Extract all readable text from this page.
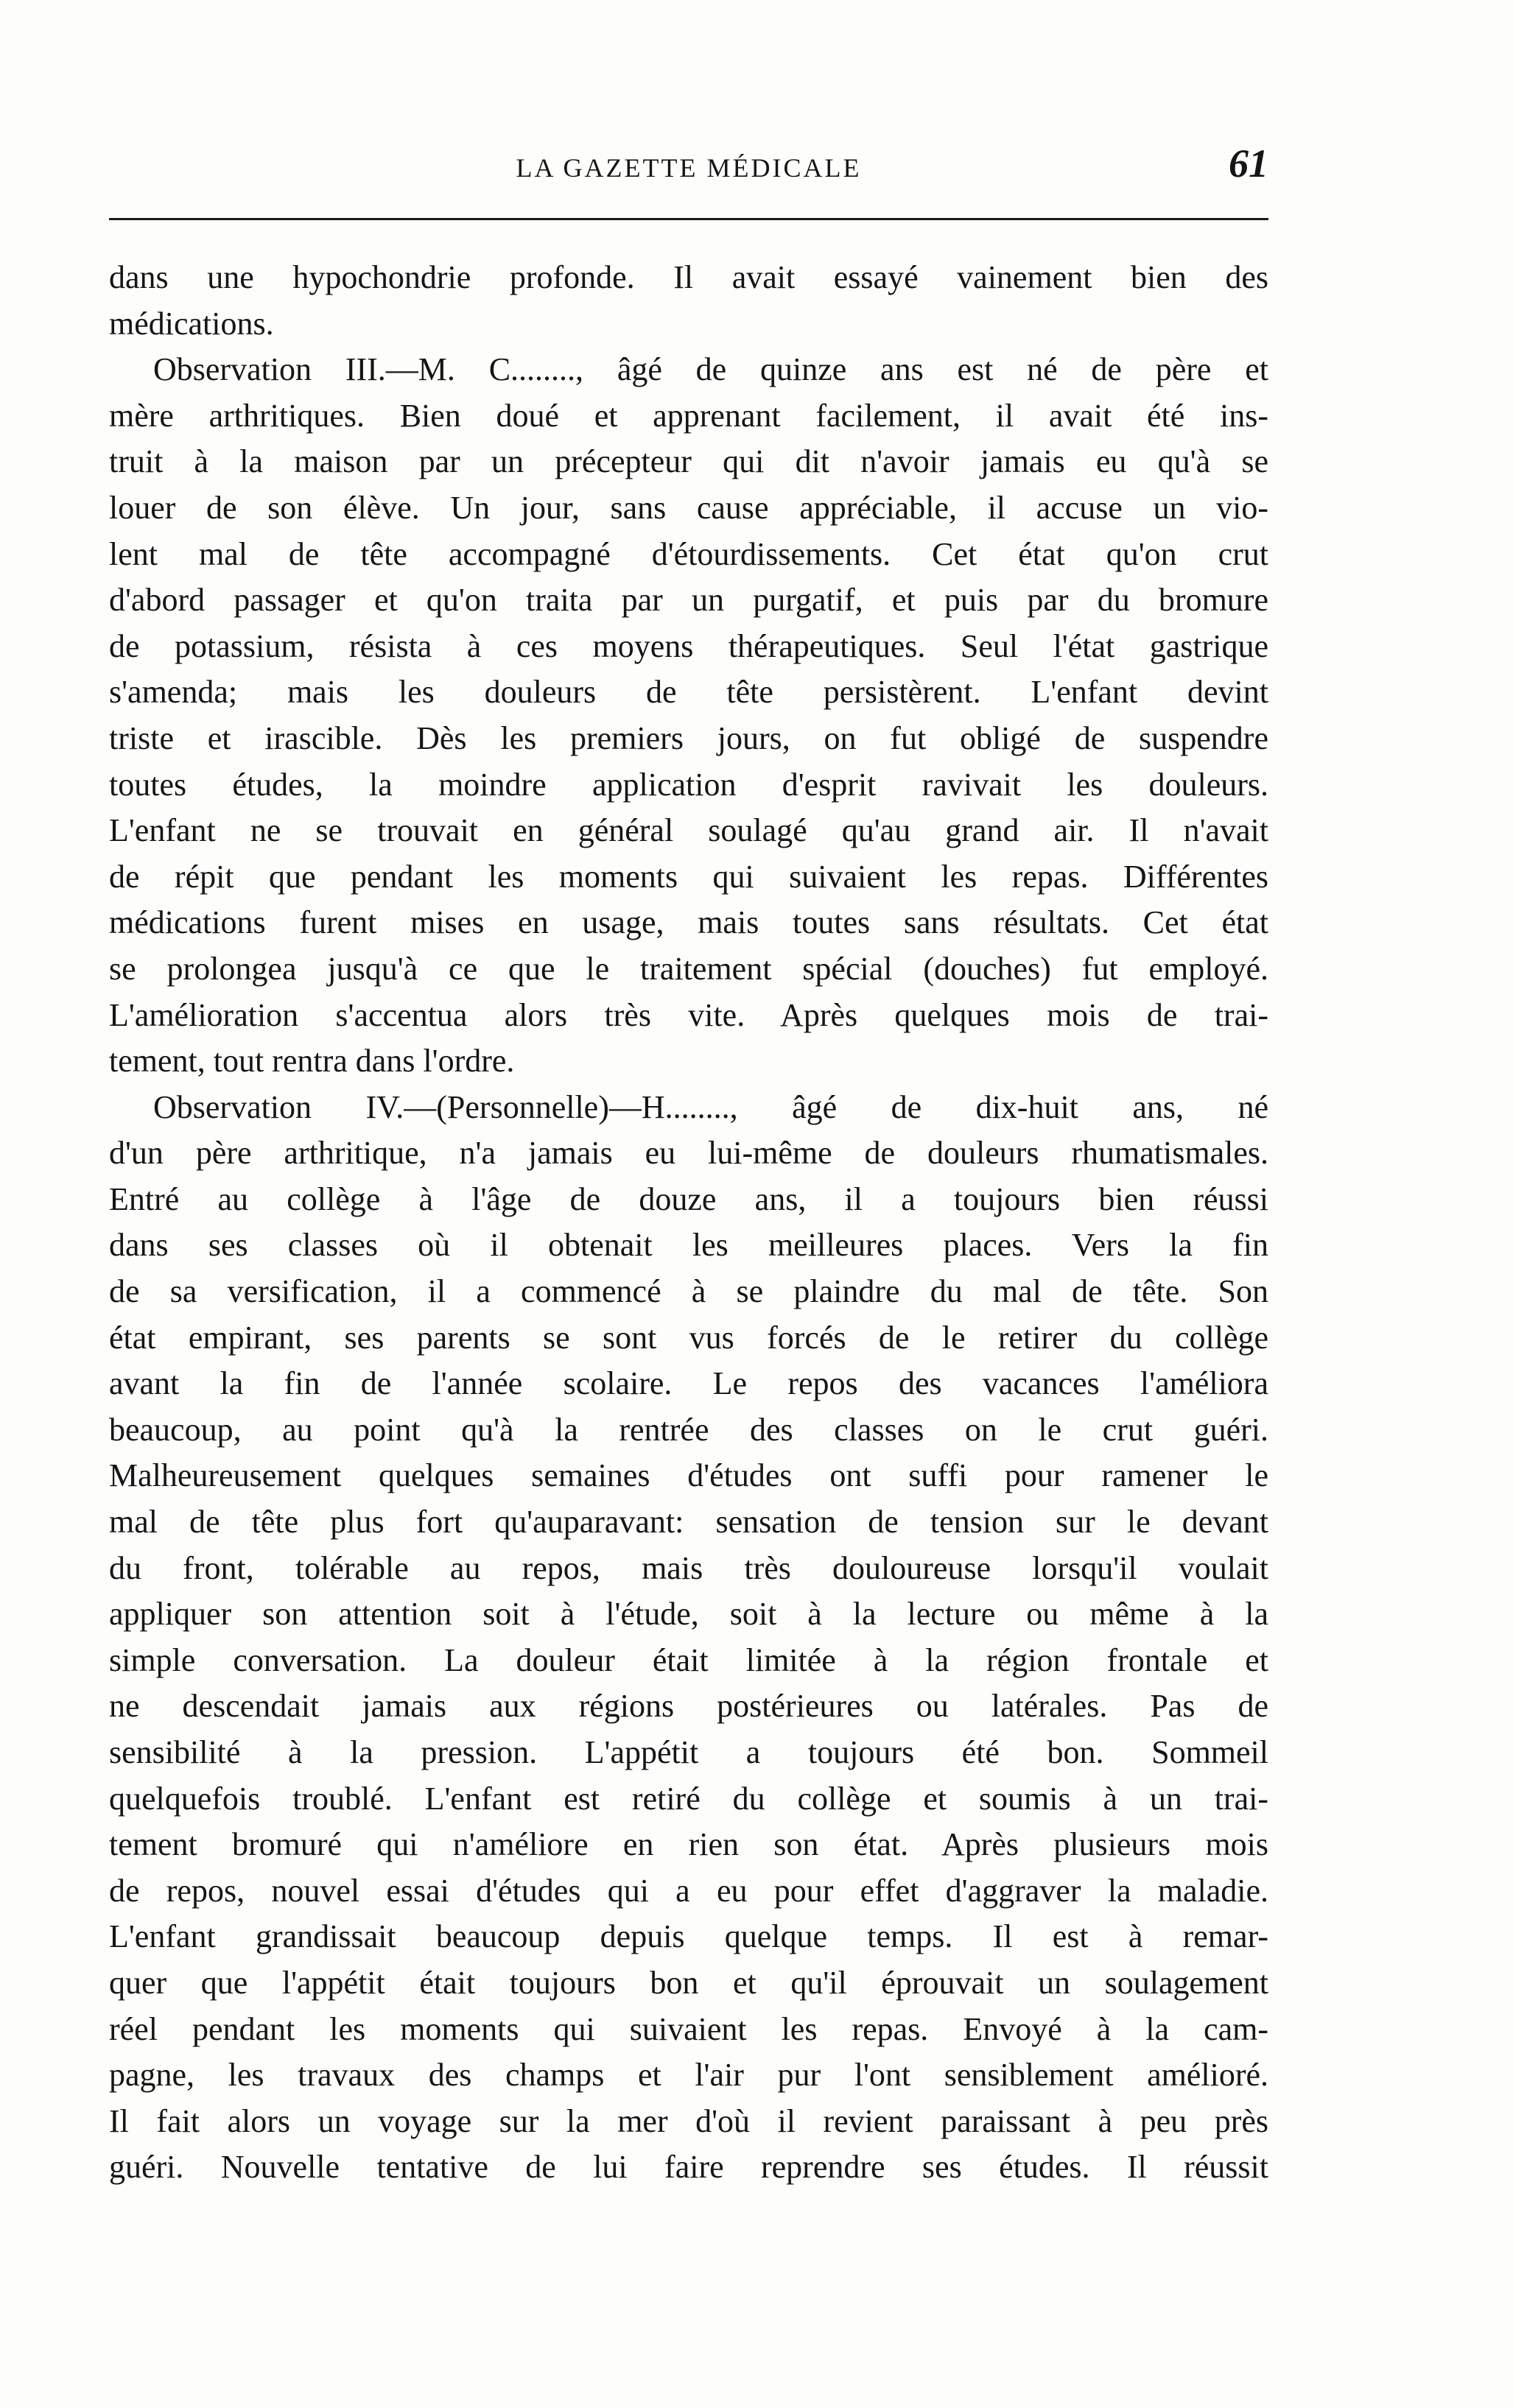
LA GAZETTE MÉDICALE	61
dans une hypochondrie profonde. Il avait essayé vainement bien des
médications.
Observation III.—M. C........, âgé de quinze ans est né de père et
mère arthritiques. Bien doué et apprenant facilement, il avait été ins-
truit à la maison par un précepteur qui dit n'avoir jamais eu qu'à se
louer de son élève. Un jour, sans cause appréciable, il accuse un vio-
lent mal de tête accompagné d'étourdissements. Cet état qu'on crut
d'abord passager et qu'on traita par un purgatif, et puis par du bromure
de potassium, résista à ces moyens thérapeutiques. Seul l'état gastrique
s'amenda; mais les douleurs de tête persistèrent. L'enfant devint
triste et irascible. Dès les premiers jours, on fut obligé de suspendre
toutes études, la moindre application d'esprit ravivait les douleurs.
L'enfant ne se trouvait en général soulagé qu'au grand air. Il n'avait
de répit que pendant les moments qui suivaient les repas. Différentes
médications furent mises en usage, mais toutes sans résultats. Cet état
se prolongea jusqu'à ce que le traitement spécial (douches) fut employé.
L'amélioration s'accentua alors très vite. Après quelques mois de trai-
tement, tout rentra dans l'ordre.
Observation IV.—(Personnelle)—H........, âgé de dix-huit ans, né
d'un père arthritique, n'a jamais eu lui-même de douleurs rhumatismales.
Entré au collège à l'âge de douze ans, il a toujours bien réussi
dans ses classes où il obtenait les meilleures places. Vers la fin
de sa versification, il a commencé à se plaindre du mal de tête. Son
état empirant, ses parents se sont vus forcés de le retirer du collège
avant la fin de l'année scolaire. Le repos des vacances l'améliora
beaucoup, au point qu'à la rentrée des classes on le crut guéri.
Malheureusement quelques semaines d'études ont suffi pour ramener le
mal de tête plus fort qu'auparavant: sensation de tension sur le devant
du front, tolérable au repos, mais très douloureuse lorsqu'il voulait
appliquer son attention soit à l'étude, soit à la lecture ou même à la
simple conversation. La douleur était limitée à la région frontale et
ne descendait jamais aux régions postérieures ou latérales. Pas de
sensibilité à la pression. L'appétit a toujours été bon. Sommeil
quelquefois troublé. L'enfant est retiré du collège et soumis à un trai-
tement bromuré qui n'améliore en rien son état. Après plusieurs mois
de repos, nouvel essai d'études qui a eu pour effet d'aggraver la maladie.
L'enfant grandissait beaucoup depuis quelque temps. Il est à remar-
quer que l'appétit était toujours bon et qu'il éprouvait un soulagement
réel pendant les moments qui suivaient les repas. Envoyé à la cam-
pagne, les travaux des champs et l'air pur l'ont sensiblement amélioré.
Il fait alors un voyage sur la mer d'où il revient paraissant à peu près
guéri. Nouvelle tentative de lui faire reprendre ses études. Il réussit
